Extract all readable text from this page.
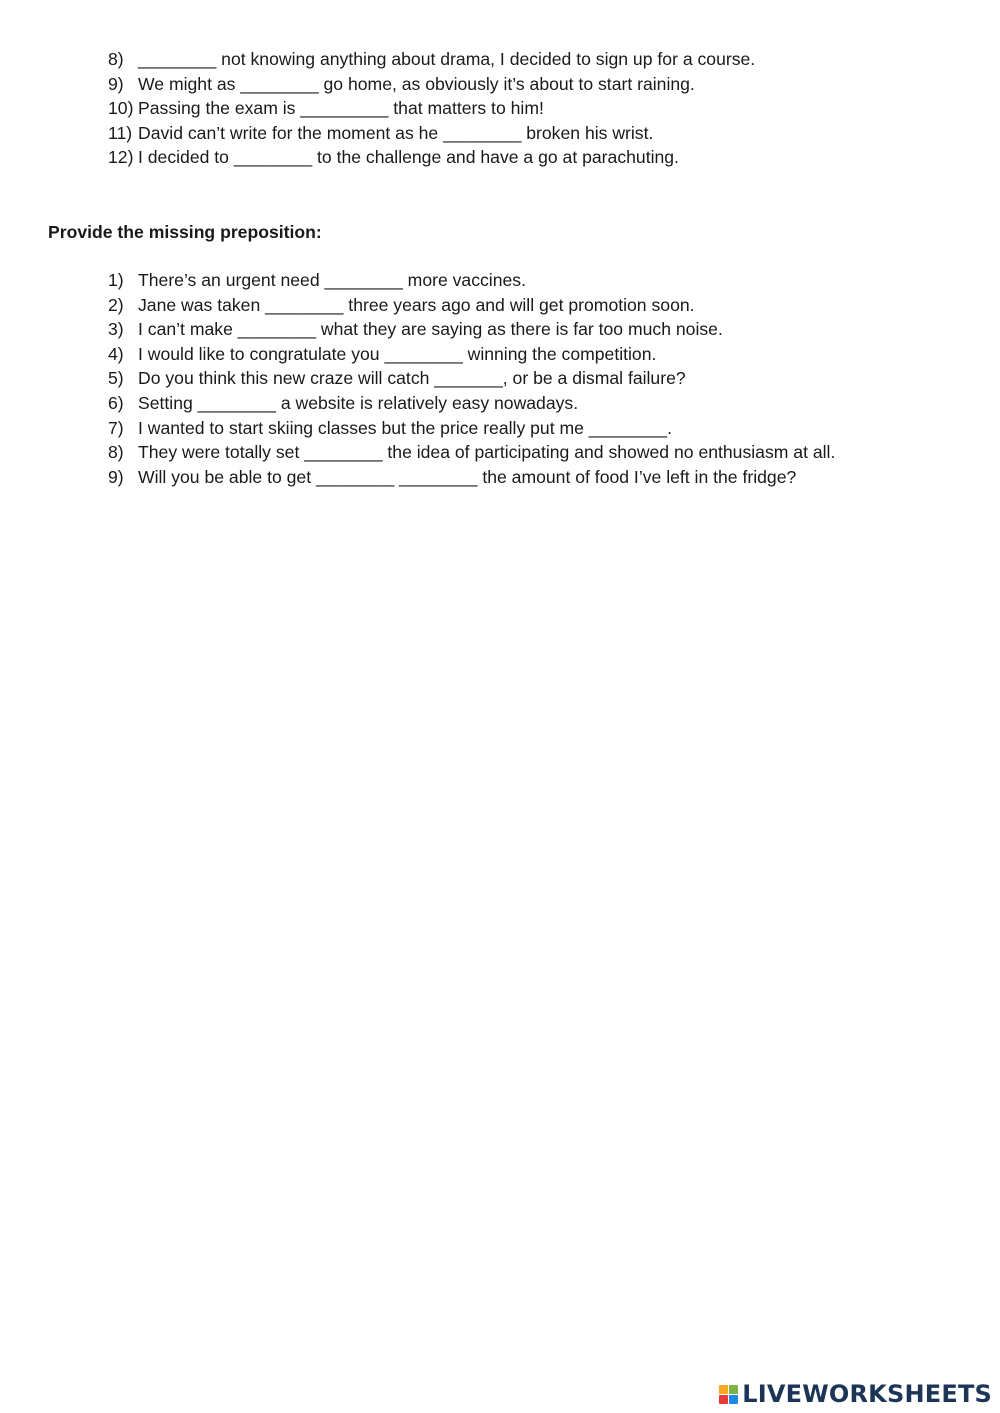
8) ________ not knowing anything about drama, I decided to sign up for a course.
9) We might as ________ go home, as obviously it’s about to start raining.
10) Passing the exam is _________ that matters to him!
11) David can’t write for the moment as he ________ broken his wrist.
12) I decided to ________ to the challenge and have a go at parachuting.
Provide the missing preposition:
1) There’s an urgent need ________ more vaccines.
2) Jane was taken ________ three years ago and will get promotion soon.
3) I can’t make ________ what they are saying as there is far too much noise.
4) I would like to congratulate you ________ winning the competition.
5) Do you think this new craze will catch _______, or be a dismal failure?
6) Setting ________ a website is relatively easy nowadays.
7) I wanted to start skiing classes but the price really put me ________.
8) They were totally set ________ the idea of participating and showed no enthusiasm at all.
9) Will you be able to get ________ ________ the amount of food I’ve left in the fridge?
LIVEWORKSHEETS
